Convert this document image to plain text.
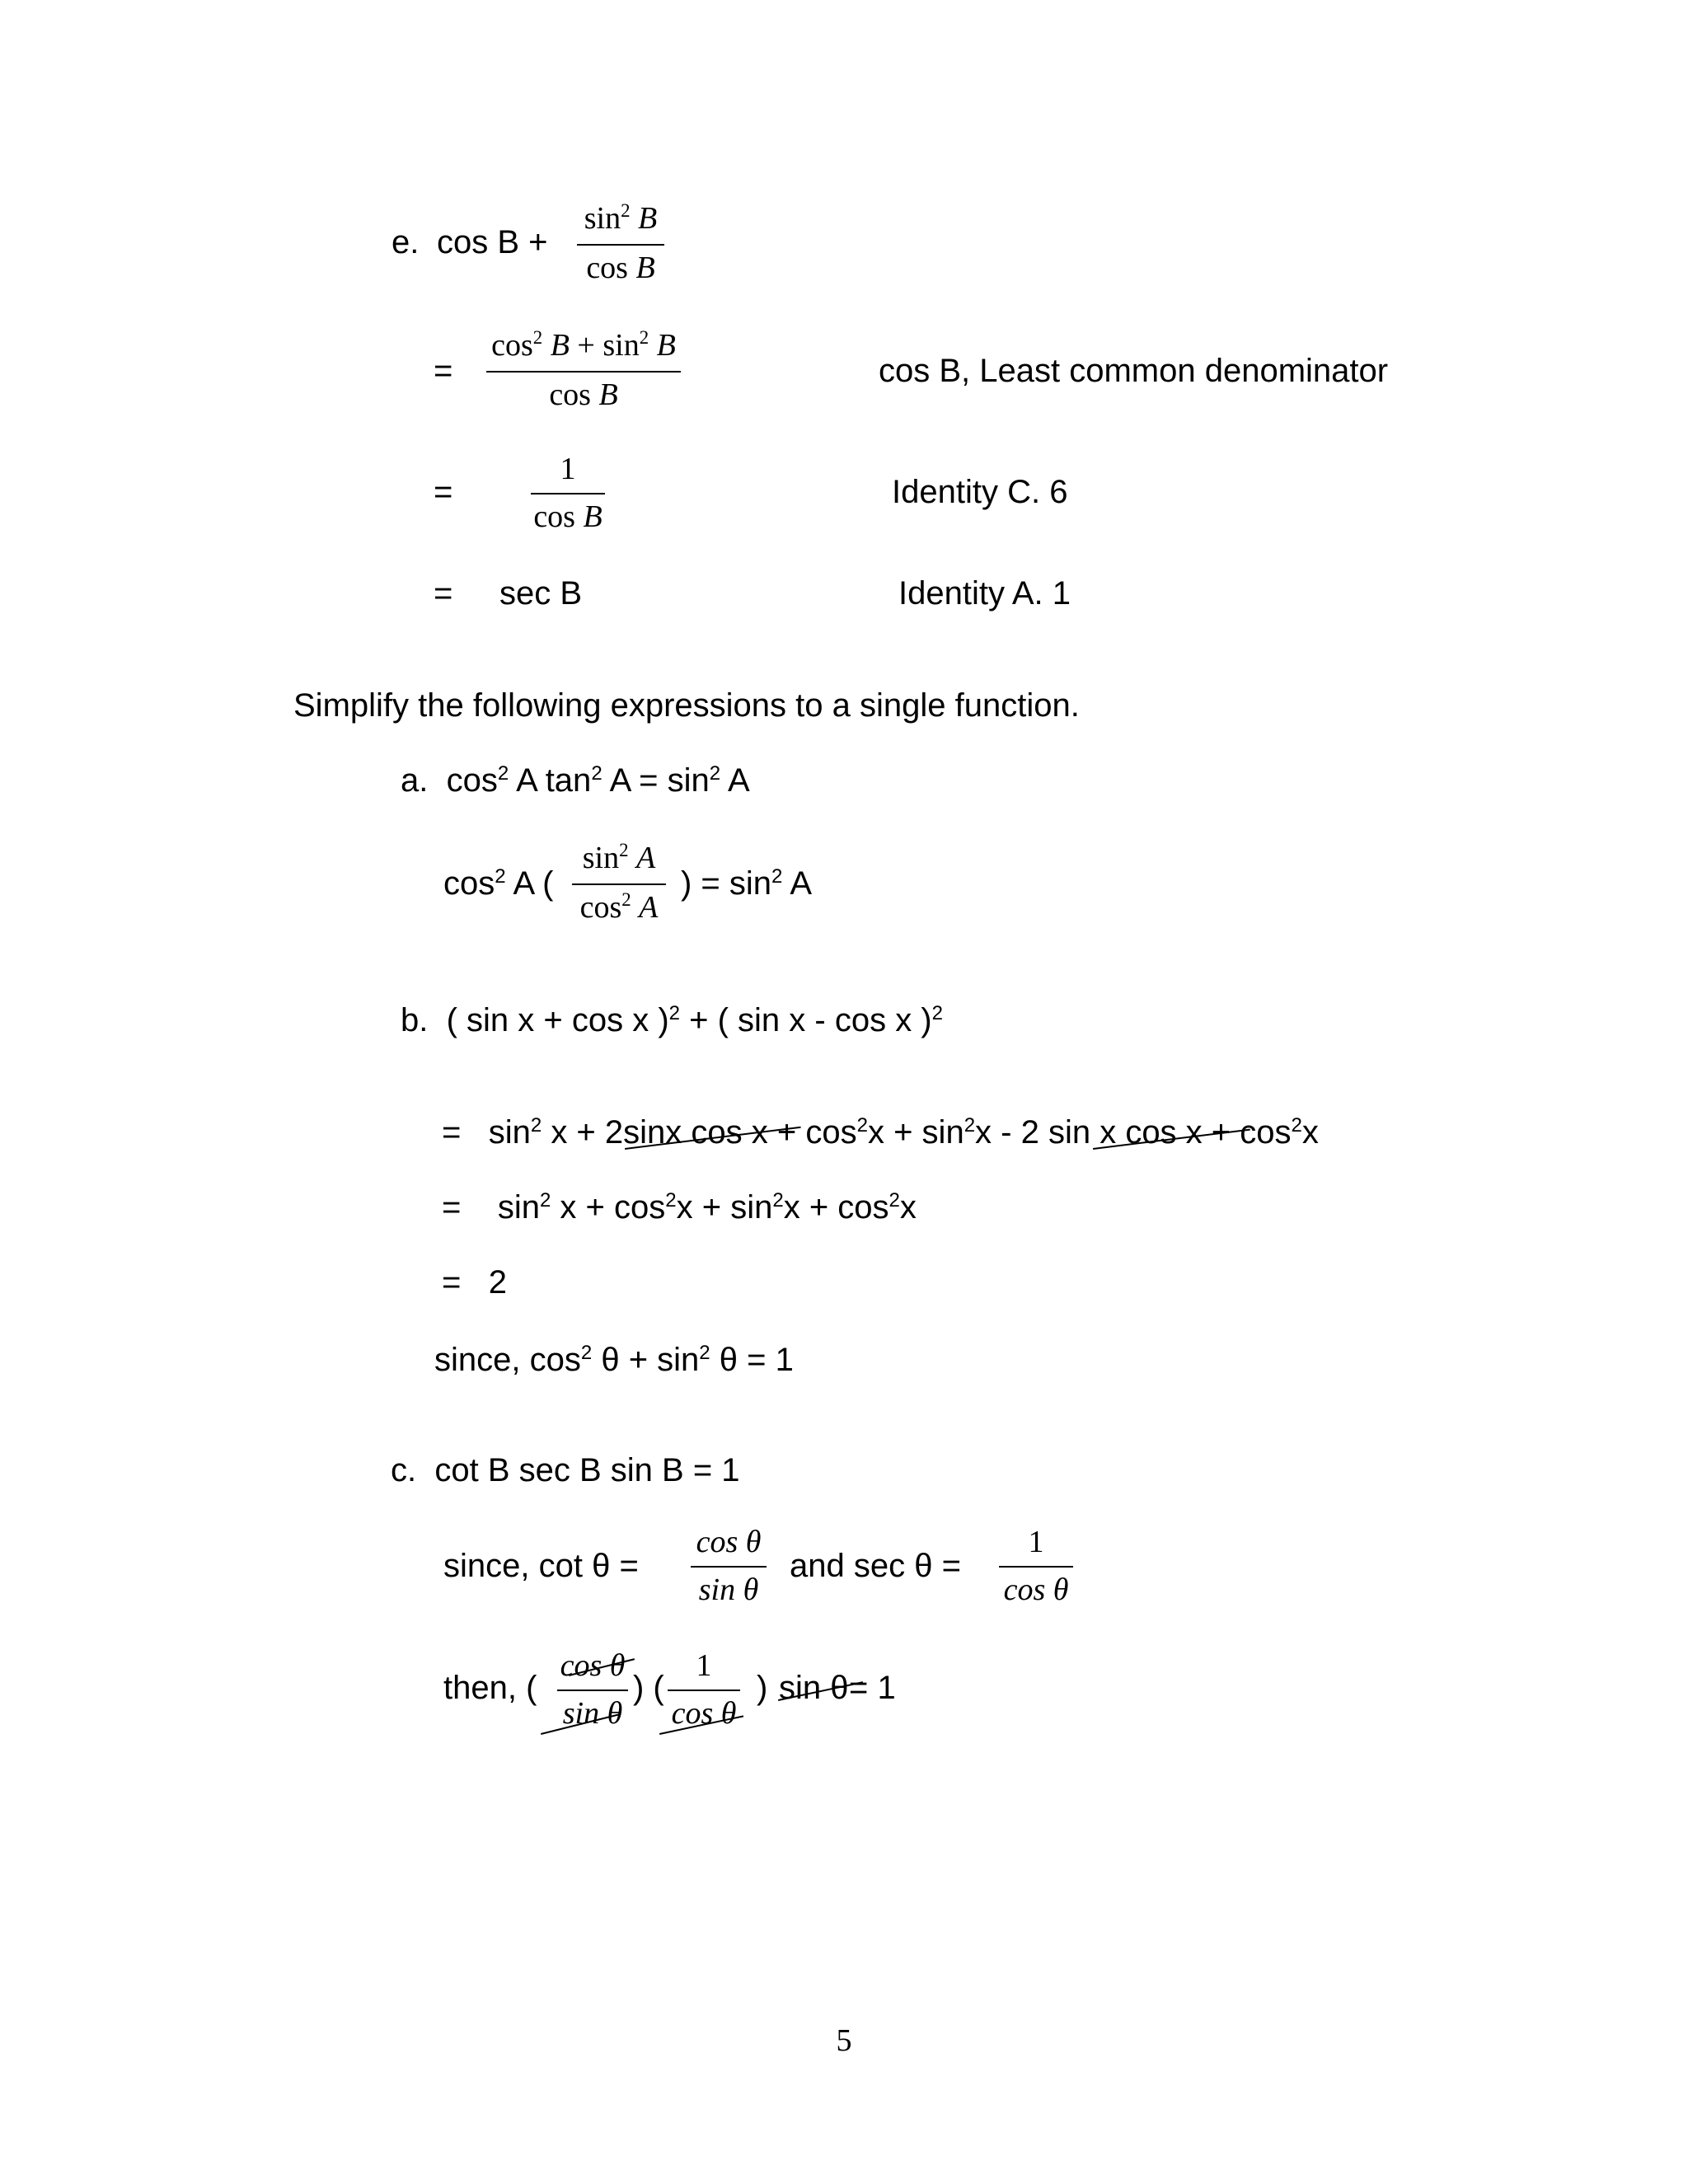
e. cos B +
$\sin^2 B$
cos B
=
$\cos^2 B + \sin^2 B$
cos B
cos B, Least common denominator
=
1
cos B
Identity C. 6
= sec B	Identity A. 1
Simplify the following expressions to a single function.
a. $\cos^2 A$ $\tan^2 A = \sin^2 A$
$\cos^2 A$ (
$\sin^2 A$
$\cos^2 A$
) = $\sin^2 A$
b. ( sin x + cos x )$^2$ + ( sin x - cos x )$^2$
= $\sin^2 x + 2\sin x$ $\cos x + \cos^2x + \sin^2x - 2$ sin x $\cos x + \cos^2x$
= $\sin^2 x + \cos^2x + \sin^2x + \cos^2x$
= 2
since, $\cos^2 \theta + \sin^2 \theta = 1$
c. cot B sec B sin B = 1
since, cot θ =
cos θ
sin θ
and sec θ =
1
cos θ
then, (
cos θ
sin θ
) (
1
cos θ
) sin θ = 1
5
